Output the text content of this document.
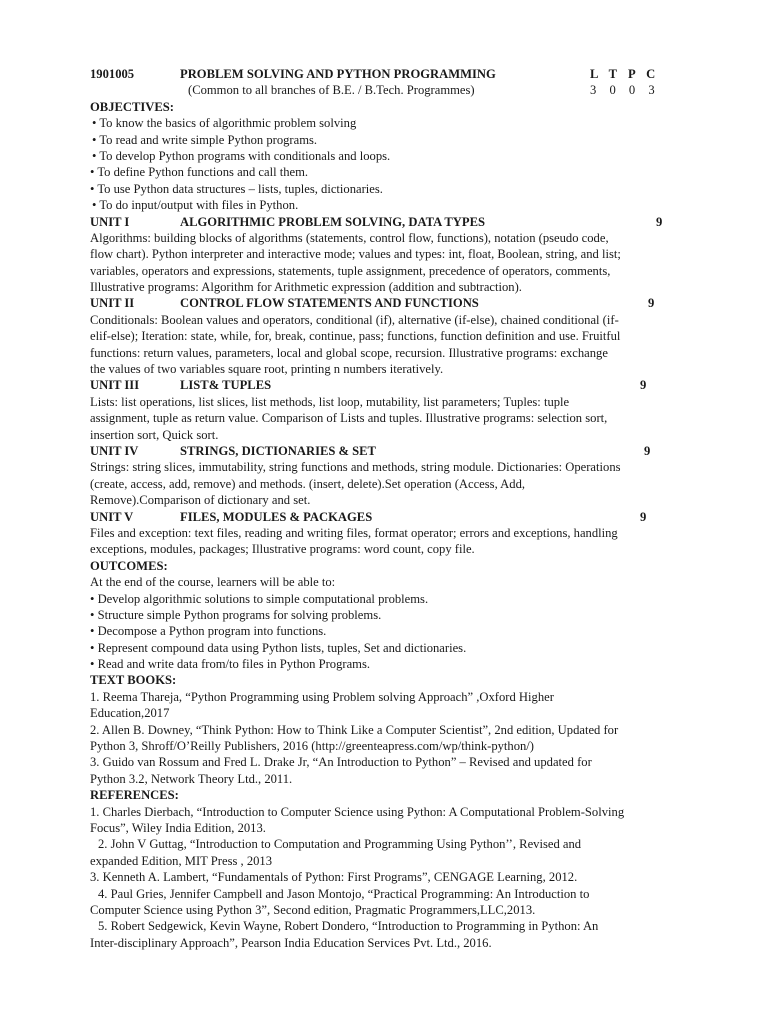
1901005	PROBLEM SOLVING AND PYTHON PROGRAMMING	L T P C
(Common to all branches of B.E. / B.Tech. Programmes)	3 0 0 3
OBJECTIVES:
• To know the basics of algorithmic problem solving
• To read and write simple Python programs.
• To develop Python programs with conditionals and loops.
• To define Python functions and call them.
• To use Python data structures – lists, tuples, dictionaries.
• To do input/output with files in Python.
UNIT I	ALGORITHMIC PROBLEM SOLVING, DATA TYPES	9
Algorithms: building blocks of algorithms (statements, control flow, functions), notation (pseudo code,
flow chart). Python interpreter and interactive mode; values and types: int, float, Boolean, string, and list;
variables, operators and expressions, statements, tuple assignment, precedence of operators, comments,
Illustrative programs: Algorithm for Arithmetic expression (addition and subtraction).
UNIT II	CONTROL FLOW STATEMENTS AND FUNCTIONS	9
Conditionals: Boolean values and operators, conditional (if), alternative (if-else), chained conditional (if-
elif-else); Iteration: state, while, for, break, continue, pass; functions, function definition and use. Fruitful
functions: return values, parameters, local and global scope, recursion. Illustrative programs: exchange
the values of two variables square root, printing n numbers iteratively.
UNIT III	LIST& TUPLES	9
Lists: list operations, list slices, list methods, list loop, mutability, list parameters; Tuples: tuple
assignment, tuple as return value. Comparison of Lists and tuples. Illustrative programs: selection sort,
insertion sort, Quick sort.
UNIT IV	STRINGS, DICTIONARIES & SET	9
Strings: string slices, immutability, string functions and methods, string module. Dictionaries: Operations
(create, access, add, remove) and methods. (insert, delete).Set operation (Access, Add,
Remove).Comparison of dictionary and set.
UNIT V	FILES, MODULES & PACKAGES	9
Files and exception: text files, reading and writing files, format operator; errors and exceptions, handling
exceptions, modules, packages; Illustrative programs: word count, copy file.
OUTCOMES:
At the end of the course, learners will be able to:
• Develop algorithmic solutions to simple computational problems.
• Structure simple Python programs for solving problems.
• Decompose a Python program into functions.
• Represent compound data using Python lists, tuples, Set and dictionaries.
• Read and write data from/to files in Python Programs.
TEXT BOOKS:
1. Reema Thareja, “Python Programming using Problem solving Approach” ,Oxford Higher
Education,2017
2. Allen B. Downey, “Think Python: How to Think Like a Computer Scientist”, 2nd edition, Updated for
Python 3, Shroff/O’Reilly Publishers, 2016 (http://greenteapress.com/wp/think-python/)
3. Guido van Rossum and Fred L. Drake Jr, “An Introduction to Python” – Revised and updated for
Python 3.2, Network Theory Ltd., 2011.
REFERENCES:
1. Charles Dierbach, “Introduction to Computer Science using Python: A Computational Problem-Solving
Focus”, Wiley India Edition, 2013.
2. John V Guttag, “Introduction to Computation and Programming Using Python’’, Revised and
expanded Edition, MIT Press , 2013
3. Kenneth A. Lambert, “Fundamentals of Python: First Programs”, CENGAGE Learning, 2012.
4. Paul Gries, Jennifer Campbell and Jason Montojo, “Practical Programming: An Introduction to
Computer Science using Python 3”, Second edition, Pragmatic Programmers,LLC,2013.
5. Robert Sedgewick, Kevin Wayne, Robert Dondero, “Introduction to Programming in Python: An
Inter-disciplinary Approach”, Pearson India Education Services Pvt. Ltd., 2016.
